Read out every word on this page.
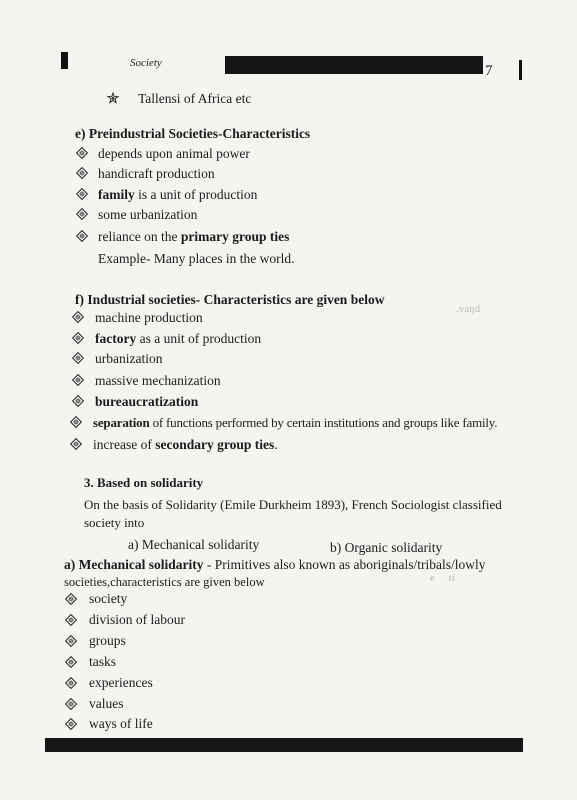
Society	7
.vaŋd
e     ti
Tallensi of Africa etc
e) Preindustrial Societies-Characteristics
depends upon animal power
handicraft production
family is a unit of production
some urbanization
reliance on the primary group ties
Example- Many places in the world.
f) Industrial societies- Characteristics are given below
machine production
factory as a unit of production
urbanization
massive mechanization
bureaucratization
separation of functions performed by certain institutions and groups like family.
increase of secondary group ties.
3. Based on solidarity
On the basis of Solidarity (Emile Durkheim 1893), French Sociologist classified
society into
a) Mechanical solidarity	b) Organic solidarity
a) Mechanical solidarity - Primitives also known as aboriginals/tribals/lowly
societies,characteristics are given below
society
division of labour
groups
tasks
experiences
values
ways of life
